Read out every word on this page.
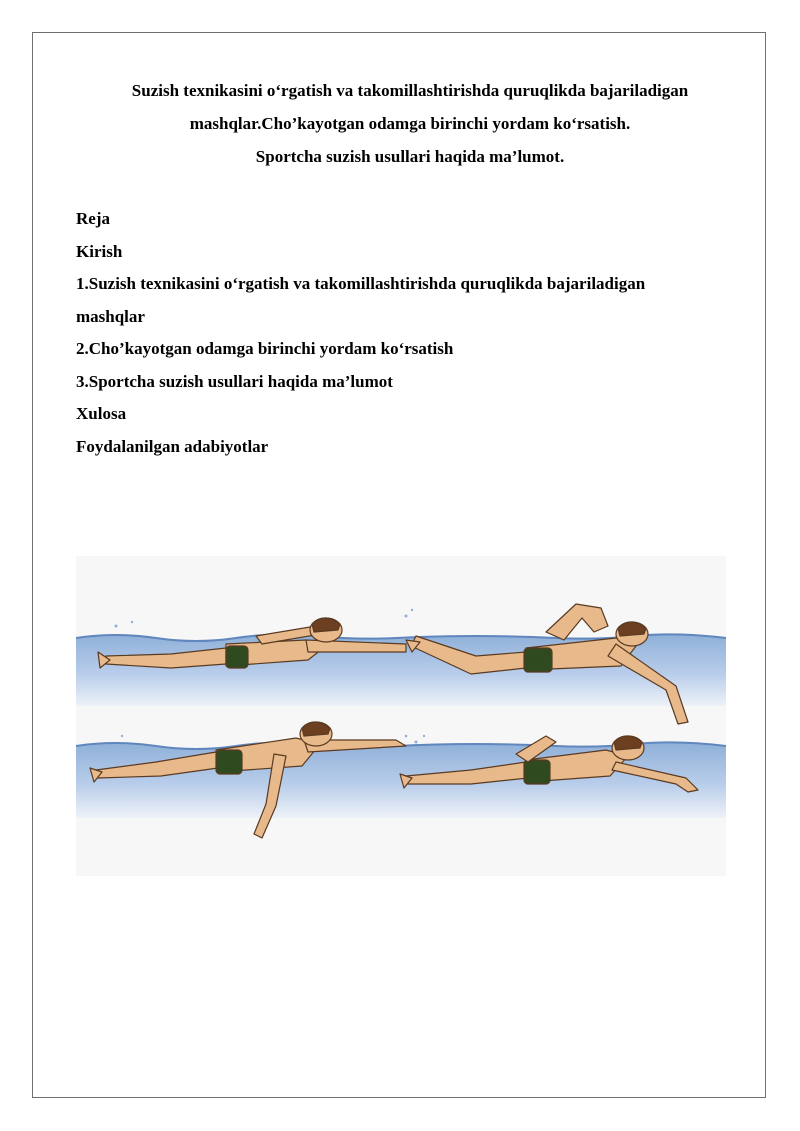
Suzish texnikasini o‘rgatish va takomillashtirishda quruqlikda bajariladigan
mashqlar.Cho’kayotgan odamga birinchi yordam ko‘rsatish.
Sportcha suzish usullari haqida ma’lumot.
Reja
Kirish
1.Suzish texnikasini o‘rgatish va takomillashtirishda quruqlikda bajariladigan
mashqlar
2.Cho’kayotgan odamga birinchi yordam ko‘rsatish
3.Sportcha suzish usullari haqida ma’lumot
Xulosa
Foydalanilgan adabiyotlar
